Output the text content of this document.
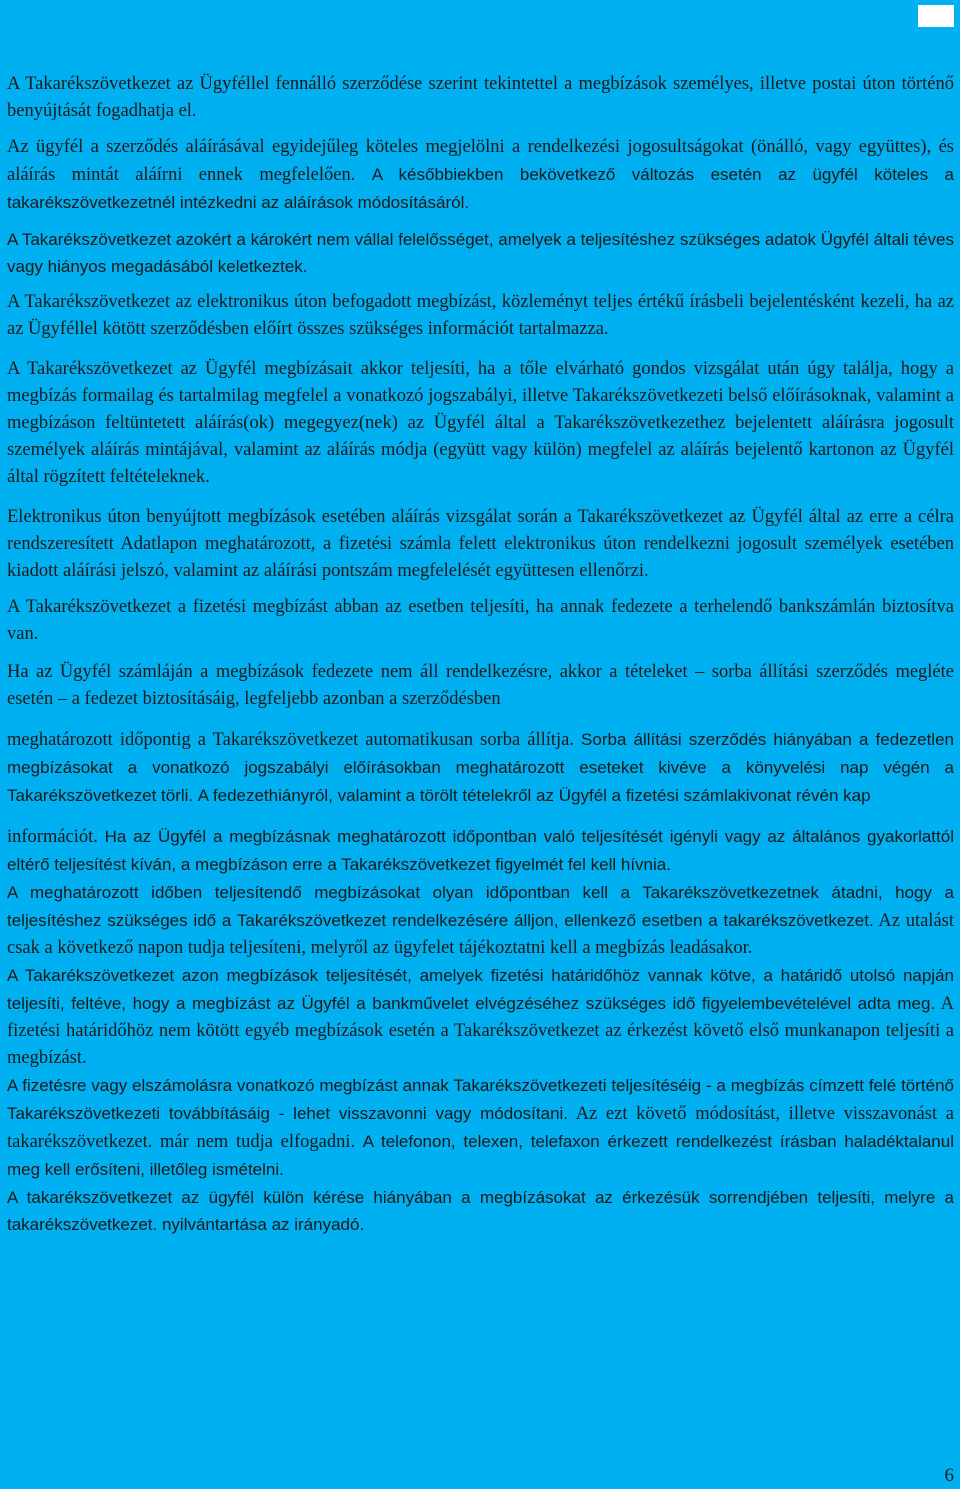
A Takarékszövetkezet az Ügyféllel fennálló szerződése szerint tekintettel a megbízások személyes, illetve postai úton történő benyújtását fogadhatja el.

Az ügyfél a szerződés aláírásával egyidejűleg köteles megjelölni a rendelkezési jogosultságokat (önálló, vagy együttes), és aláírás mintát aláírni ennek megfelelően. A későbbiekben bekövetkező változás esetén az ügyfél köteles a takarékszövetkezetnél intézkedni az aláírások módosításáról.

A Takarékszövetkezet azokért a károkért nem vállal felelősséget, amelyek a teljesítéshez szükséges adatok Ügyfél általi téves vagy hiányos megadásából keletkeztek.

A Takarékszövetkezet az elektronikus úton befogadott megbízást, közleményt teljes értékű írásbeli bejelentésként kezeli, ha az az Ügyféllel kötött szerződésben előírt összes szükséges információt tartalmazza.

A Takarékszövetkezet az Ügyfél megbízásait akkor teljesíti, ha a tőle elvárható gondos vizsgálat után úgy találja, hogy a megbízás formailag és tartalmilag megfelel a vonatkozó jogszabályi, illetve Takarékszövetkezeti belső előírásoknak, valamint a megbízáson feltüntetett aláírás(ok) megegyez(nek) az Ügyfél által a Takarékszövetkezethez bejelentett aláírásra jogosult személyek aláírás mintájával, valamint az aláírás módja (együtt vagy külön) megfelel az aláírás bejelentő kartonon az Ügyfél által rögzített feltételeknek.

Elektronikus úton benyújtott megbízások esetében aláírás vizsgálat során a Takarékszövetkezet az Ügyfél által az erre a célra rendszeresített Adatlapon meghatározott, a fizetési számla felett elektronikus úton rendelkezni jogosult személyek esetében kiadott aláírási jelszó, valamint az aláírási pontszám megfelelését együttesen ellenőrzi.

A Takarékszövetkezet a fizetési megbízást abban az esetben teljesíti, ha annak fedezete a terhelendő bankszámlán biztosítva van.

Ha az Ügyfél számláján a megbízások fedezete nem áll rendelkezésre, akkor a tételeket – sorba állítási szerződés megléte esetén – a fedezet biztosításáig, legfeljebb azonban a szerződésben

meghatározott időpontig a Takarékszövetkezet automatikusan sorba állítja. Sorba állítási szerződés hiányában a fedezetlen megbízásokat a vonatkozó jogszabályi előírásokban meghatározott eseteket kivéve a könyvelési nap végén a Takarékszövetkezet törli. A fedezethiányról, valamint a törölt tételekről az Ügyfél a fizetési számlakivonat révén kap

információt. Ha az Ügyfél a megbízásnak meghatározott időpontban való teljesítését igényli vagy az általános gyakorlattól eltérő teljesítést kíván, a megbízáson erre a Takarékszövetkezet figyelmét fel kell hívnia.

A meghatározott időben teljesítendő megbízásokat olyan időpontban kell a Takarékszövetkezetnek átadni, hogy a teljesítéshez szükséges idő a Takarékszövetkezet rendelkezésére álljon, ellenkező esetben a takarékszövetkezet. Az utalást csak a következő napon tudja teljesíteni, melyről az ügyfelet tájékoztatni kell a megbízás leadásakor.

A Takarékszövetkezet azon megbízások teljesítését, amelyek fizetési határidőhöz vannak kötve, a határidő utolsó napján teljesíti, feltéve, hogy a megbízást az Ügyfél a bankművelet elvégzéséhez szükséges idő figyelembevételével adta meg. A fizetési határidőhöz nem kötött egyéb megbízások esetén a Takarékszövetkezet az érkezést követő első munkanapon teljesíti a megbízást.

A fizetésre vagy elszámolásra vonatkozó megbízást annak Takarékszövetkezeti teljesítéséig - a megbízás címzett felé történő Takarékszövetkezeti továbbításáig - lehet visszavonni vagy módosítani. Az ezt követő módosítást, illetve visszavonást a takarékszövetkezet. már nem tudja elfogadni. A telefonon, telexen, telefaxon érkezett rendelkezést írásban haladéktalanul meg kell erősíteni, illetőleg ismételni.

A takarékszövetkezet az ügyfél külön kérése hiányában a megbízásokat az érkezésük sorrendjében teljesíti, melyre a takarékszövetkezet. nyilvántartása az irányadó.

6
